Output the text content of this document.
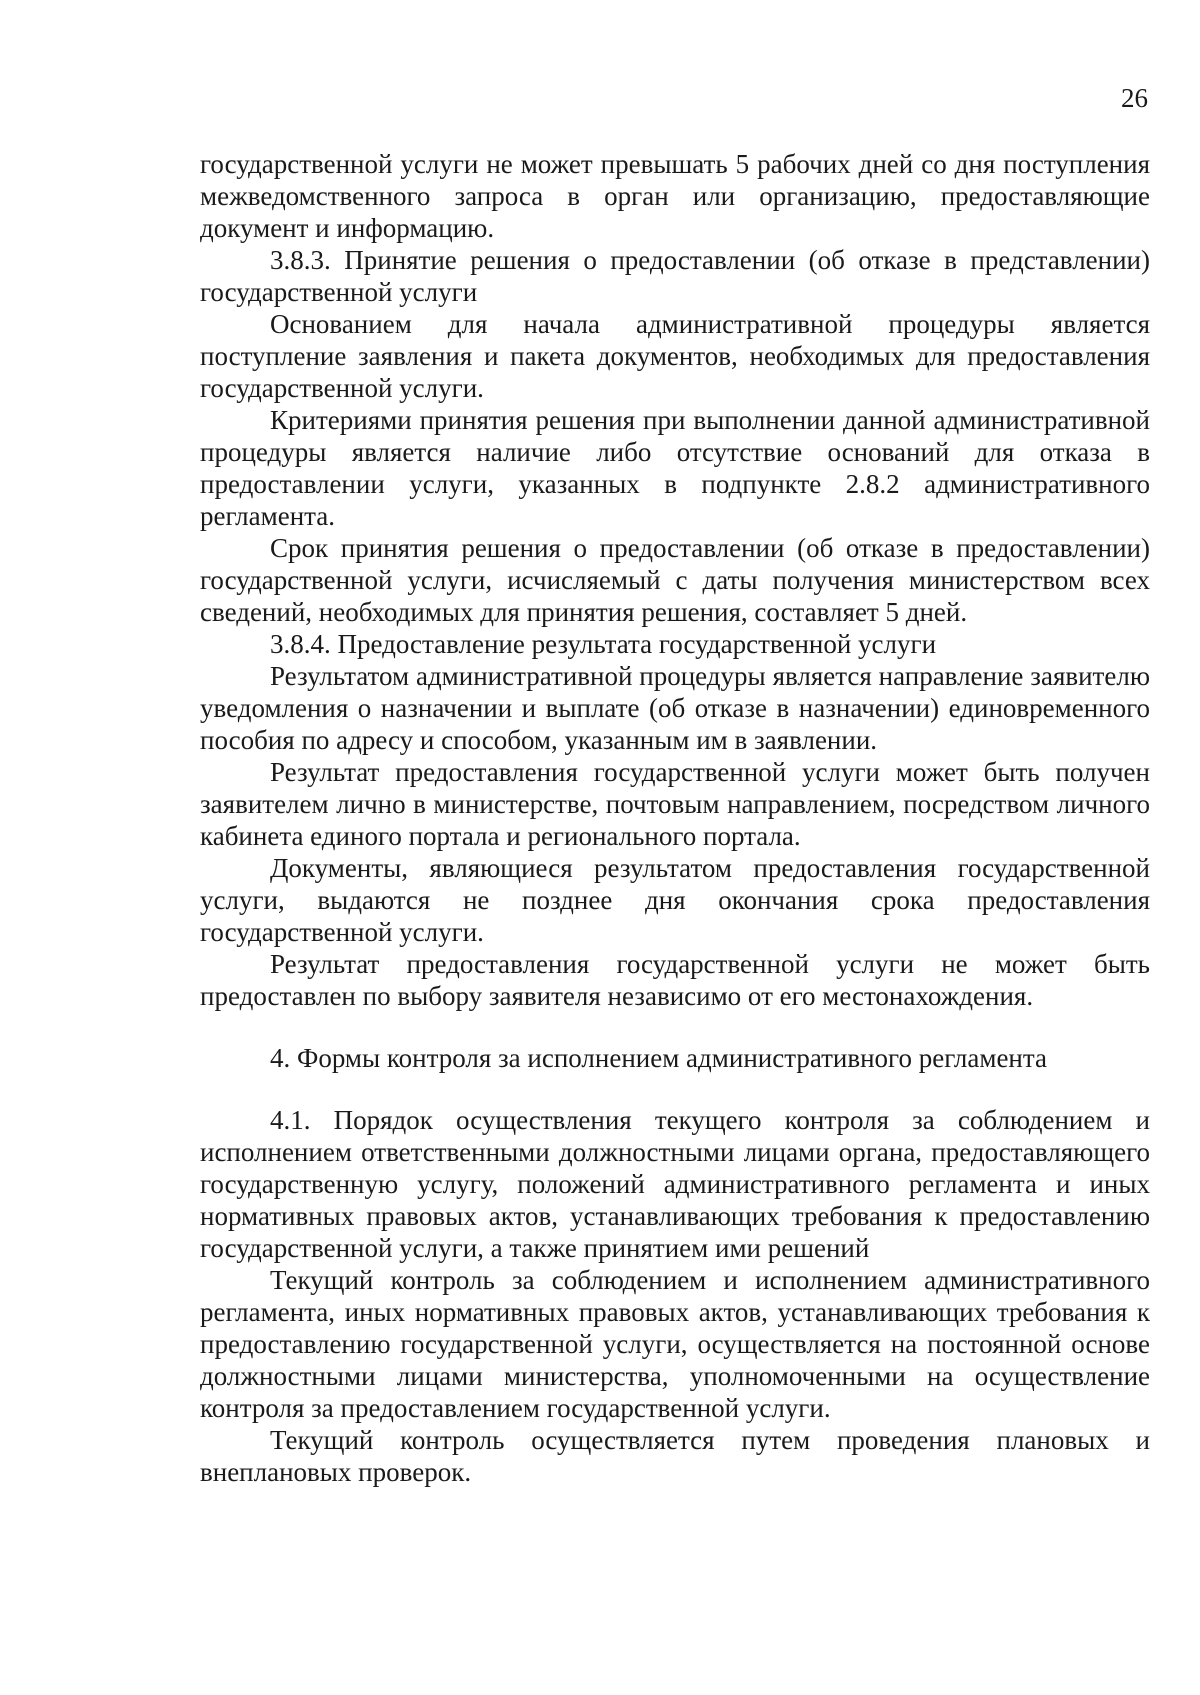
26

государственной услуги не может превышать 5 рабочих дней со дня поступления межведомственного запроса в орган или организацию, предоставляющие документ и информацию.

3.8.3. Принятие решения о предоставлении (об отказе в представлении) государственной услуги

Основанием для начала административной процедуры является поступление заявления и пакета документов, необходимых для предоставления государственной услуги.

Критериями принятия решения при выполнении данной административной процедуры является наличие либо отсутствие оснований для отказа в предоставлении услуги, указанных в подпункте 2.8.2 административного регламента.

Срок принятия решения о предоставлении (об отказе в предоставлении) государственной услуги, исчисляемый с даты получения министерством всех сведений, необходимых для принятия решения, составляет 5 дней.

3.8.4. Предоставление результата государственной услуги

Результатом административной процедуры является направление заявителю уведомления о назначении и выплате (об отказе в назначении) единовременного пособия по адресу и способом, указанным им в заявлении.

Результат предоставления государственной услуги может быть получен заявителем лично в министерстве, почтовым направлением, посредством личного кабинета единого портала и регионального портала.

Документы, являющиеся результатом предоставления государственной услуги, выдаются не позднее дня окончания срока предоставления государственной услуги.

Результат предоставления государственной услуги не может быть предоставлен по выбору заявителя независимо от его местонахождения.

4. Формы контроля за исполнением административного регламента

4.1. Порядок осуществления текущего контроля за соблюдением и исполнением ответственными должностными лицами органа, предоставляющего государственную услугу, положений административного регламента и иных нормативных правовых актов, устанавливающих требования к предоставлению государственной услуги, а также принятием ими решений

Текущий контроль за соблюдением и исполнением административного регламента, иных нормативных правовых актов, устанавливающих требования к предоставлению государственной услуги, осуществляется на постоянной основе должностными лицами министерства, уполномоченными на осуществление контроля за предоставлением государственной услуги.

Текущий контроль осуществляется путем проведения плановых и внеплановых проверок.
